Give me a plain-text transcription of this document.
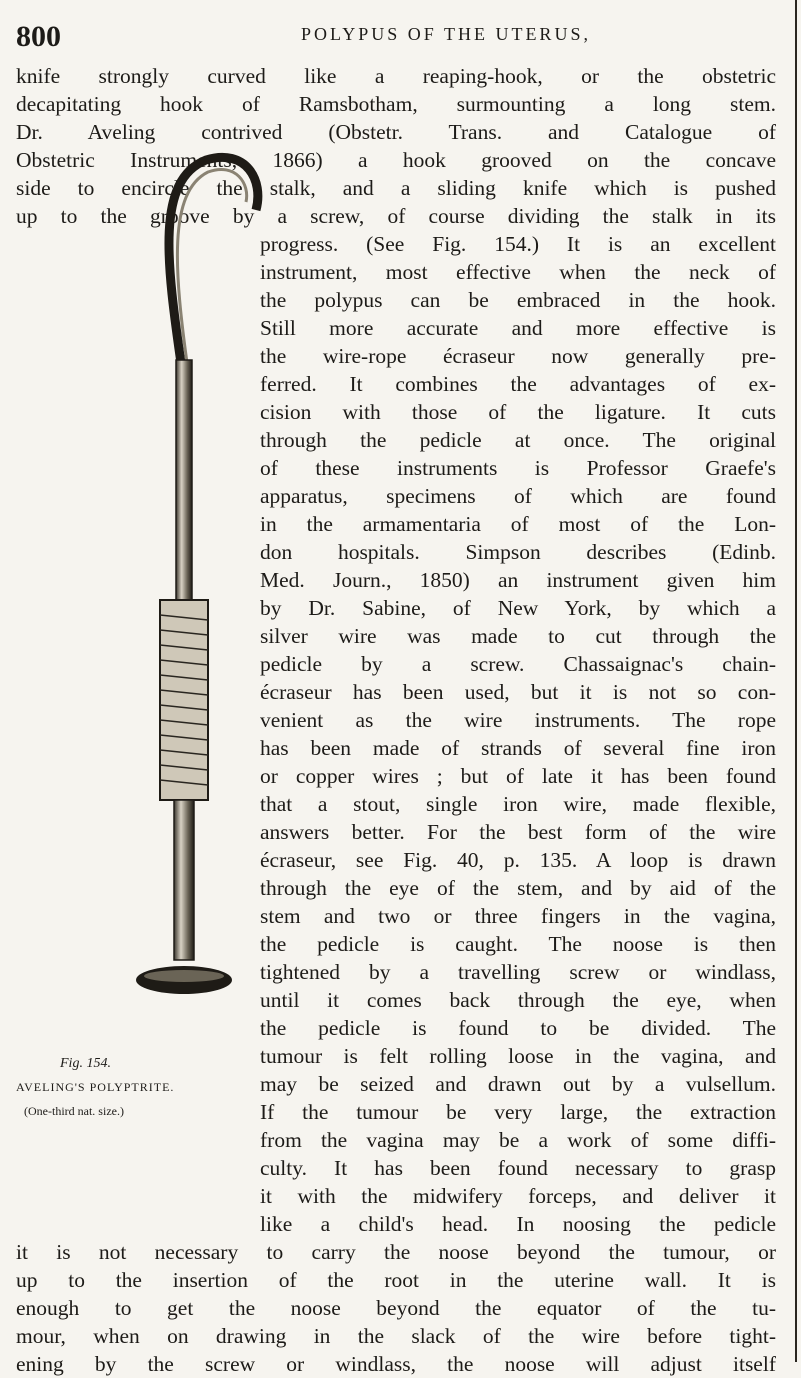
800	POLYPUS OF THE UTERUS,
knife strongly curved like a reaping-hook, or the obstetric
decapitating hook of Ramsbotham, surmounting a long stem.
Dr. Aveling contrived (Obstetr. Trans. and Catalogue of
Obstetric Instruments, 1866) a hook grooved on the concave
side to encircle the stalk, and a sliding knife which is pushed
up to the groove by a screw, of course dividing the stalk in its
Fig. 154.
AVELING'S POLYPTRITE.
(One-third nat. size.)
progress. (See Fig. 154.) It is an excellent
instrument, most effective when the neck of
the polypus can be embraced in the hook.
Still more accurate and more effective is
the wire-rope écraseur now generally pre-
ferred. It combines the advantages of ex-
cision with those of the ligature. It cuts
through the pedicle at once. The original
of these instruments is Professor Graefe's
apparatus, specimens of which are found
in the armamentaria of most of the Lon-
don hospitals. Simpson describes (Edinb.
Med. Journ., 1850) an instrument given him
by Dr. Sabine, of New York, by which a
silver wire was made to cut through the
pedicle by a screw. Chassaignac's chain-
écraseur has been used, but it is not so con-
venient as the wire instruments. The rope
has been made of strands of several fine iron
or copper wires ; but of late it has been found
that a stout, single iron wire, made flexible,
answers better. For the best form of the wire
écraseur, see Fig. 40, p. 135. A loop is drawn
through the eye of the stem, and by aid of the
stem and two or three fingers in the vagina,
the pedicle is caught. The noose is then
tightened by a travelling screw or windlass,
until it comes back through the eye, when
the pedicle is found to be divided. The
tumour is felt rolling loose in the vagina, and
may be seized and drawn out by a vulsellum.
If the tumour be very large, the extraction
from the vagina may be a work of some diffi-
culty. It has been found necessary to grasp
it with the midwifery forceps, and deliver it
like a child's head. In noosing the pedicle
it is not necessary to carry the noose beyond the tumour, or
up to the insertion of the root in the uterine wall. It is
enough to get the noose beyond the equator of the tu-
mour, when on drawing in the slack of the wire before tight-
ening by the screw or windlass, the noose will adjust itself
